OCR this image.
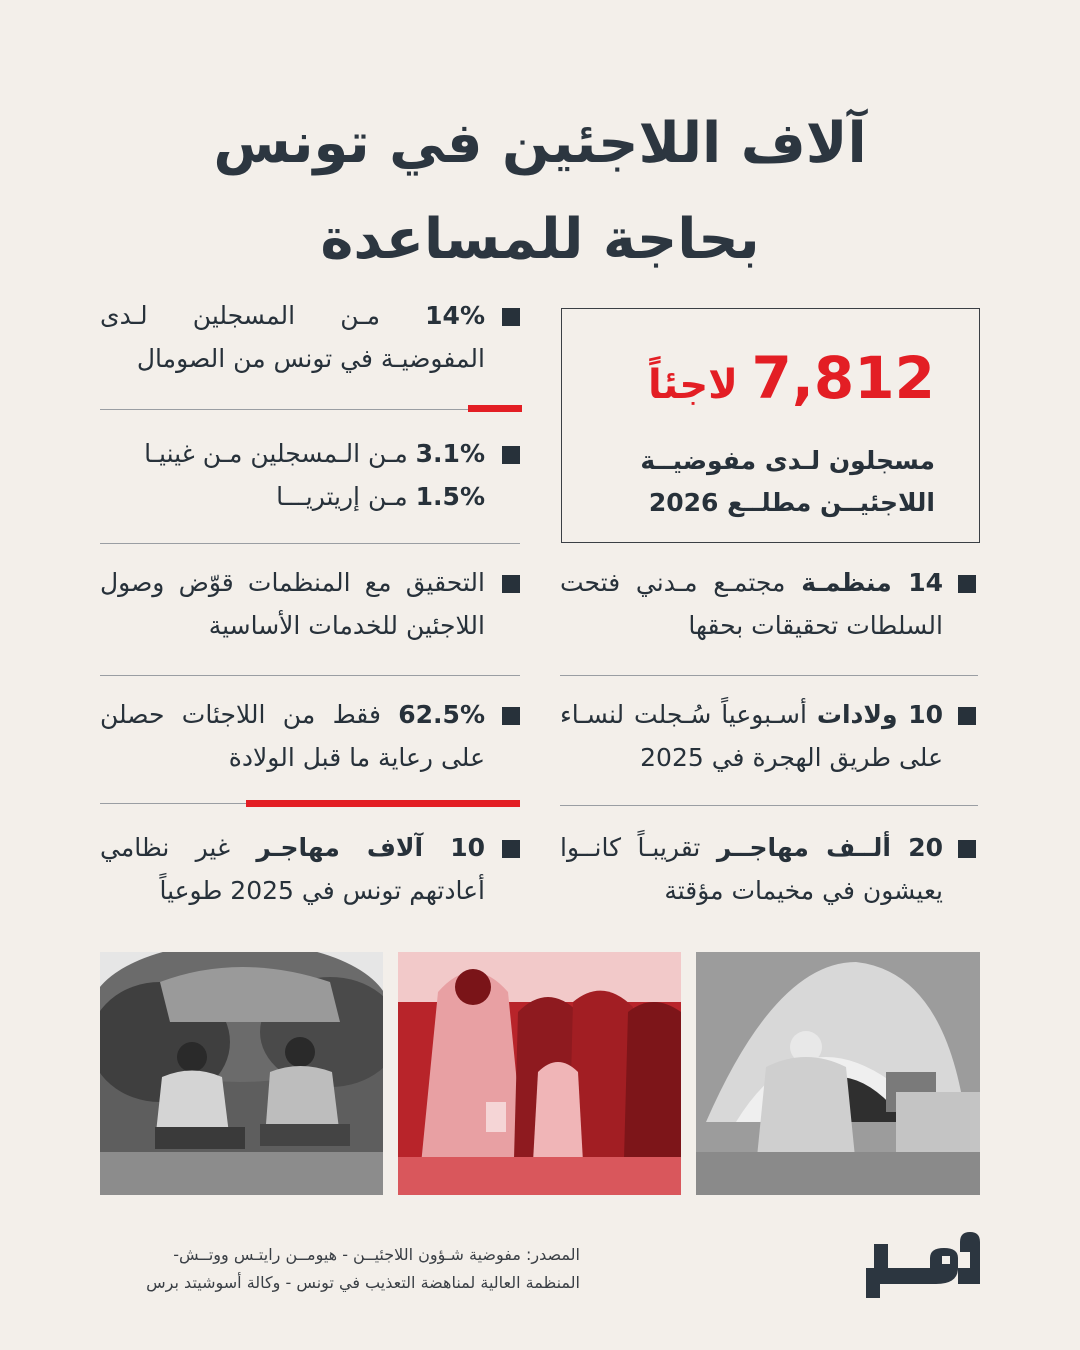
آلاف اللاجئين في تونس
بحاجة للمساعدة
7,812 لاجئاً
مسجلون لـدى مفوضيــة
اللاجئيــن مطلــع 2026
14% مـن المسجلين لـدى المفوضيـة في تونس من الصومال
3.1% مـن الـمسجلين مـن غينيـا
1.5% مـن إريتريـــا
التحقيق مع المنظمات قوّض وصول اللاجئين للخدمات الأساسية
62.5% فقط من اللاجئات حصلن على رعاية ما قبل الولادة
10 آلاف مهاجـر غير نظامي أعادتهم تونس في 2025 طوعياً
14 منظمـة مجتمـع مـدني فتحت السلطات تحقيقات بحقها
10 ولادات أسـبوعياً سُـجلت لنسـاء على طريق الهجرة في 2025
20 ألــف مهاجــر تقريبـاً كانــوا يعيشون في مخيمات مؤقتة
المصدر: مفوضية شـؤون اللاجئيــن - هيومــن رايتـس ووتــش-
المنظمة العالية لمناهضة التعذيب في تونس - وكالة أسوشيتد برس
